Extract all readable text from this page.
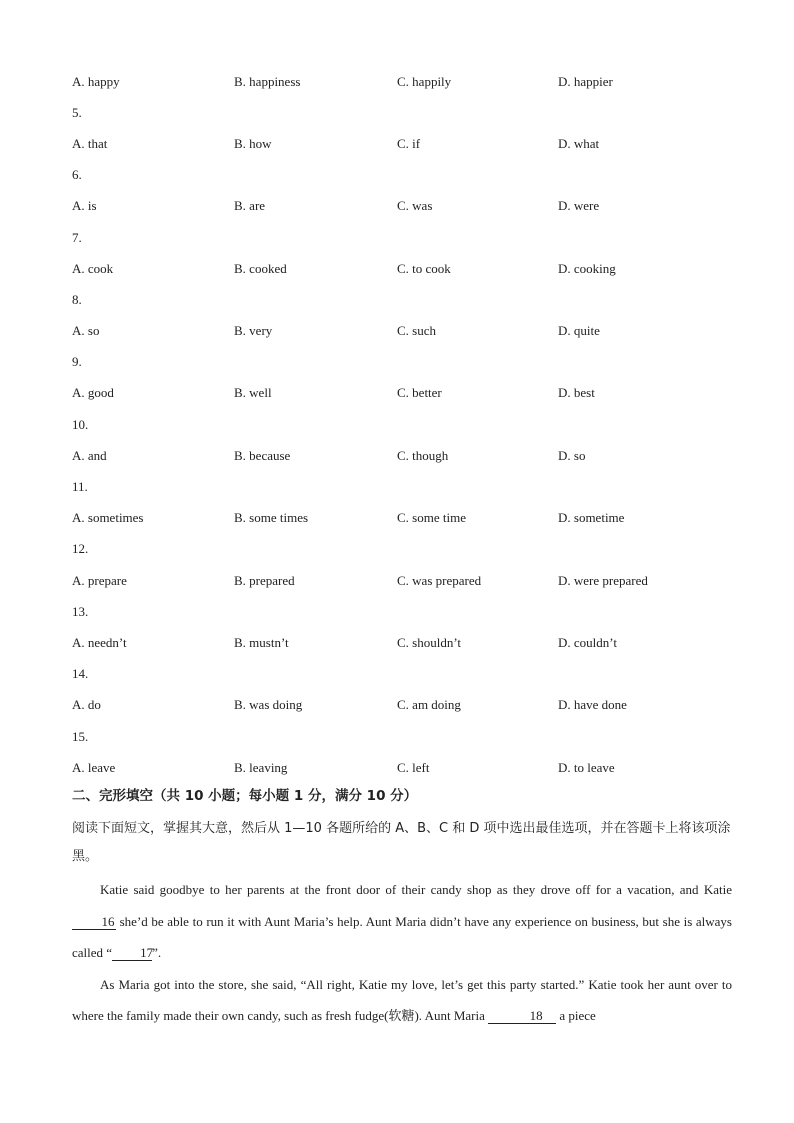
A. happy	B. happiness	C. happily	D. happier
5.
A. that	B. how	C. if	D. what
6.
A. is	B. are	C. was	D. were
7.
A. cook	B. cooked	C. to cook	D. cooking
8.
A. so	B. very	C. such	D. quite
9.
A. good	B. well	C. better	D. best
10.
A. and	B. because	C. though	D. so
11.
A. sometimes	B. some times	C. some time	D. sometime
12.
A. prepare	B. prepared	C. was prepared	D. were prepared
13.
A. needn’t	B. mustn’t	C. shouldn’t	D. couldn’t
14.
A. do	B. was doing	C. am doing	D. have done
15.
A. leave	B. leaving	C. left	D. to leave
二、完形填空（共 10 小题；每小题 1 分，满分 10 分）
阅读下面短文，掌握其大意，然后从 1—10 各题所给的 A、B、C 和 D 项中选出最佳选项，并在答题卡上将该项涂黑。

Katie said goodbye to her parents at the front door of their candy shop as they drove off for a vacation, and Katie 16 she’d be able to run it with Aunt Maria’s help. Aunt Maria didn’t have any experience on business, but she is always called “ 17”.

As Maria got into the store, she said, “All right, Katie my love, let’s get this party started.” Katie took her aunt over to where the family made their own candy, such as fresh fudge(软糖). Aunt Maria	18 a piece
